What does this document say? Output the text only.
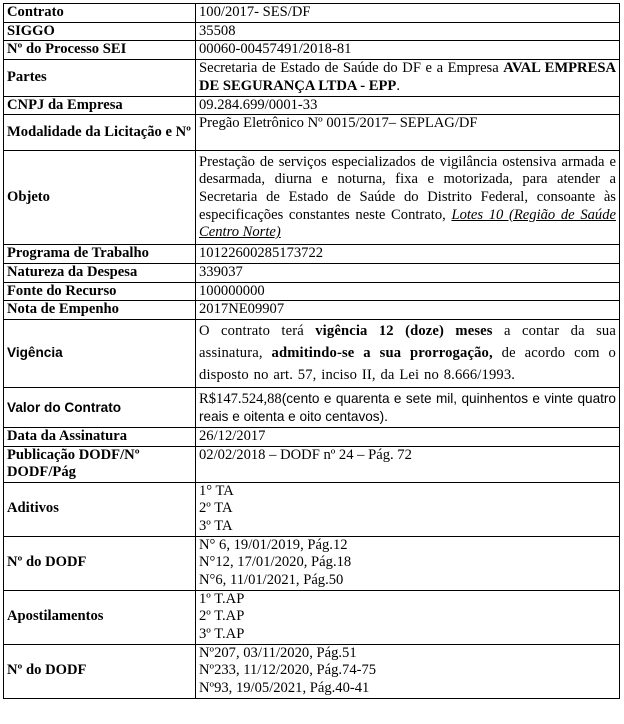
Contrato	100/2017- SES/DF
SIGGO	35508
Nº do Processo SEI	00060-00457491/2018-81
Partes	Secretaria de Estado de Saúde do DF e a Empresa AVAL EMPRESA DE SEGURANÇA LTDA - EPP.
CNPJ da Empresa	09.284.699/0001-33
Modalidade da Licitação e Nº	Pregão Eletrônico Nº 0015/2017– SEPLAG/DF
Objeto	Prestação de serviços especializados de vigilância ostensiva armada e desarmada, diurna e noturna, fixa e motorizada, para atender a Secretaria de Estado de Saúde do Distrito Federal, consoante às especificações constantes neste Contrato, Lotes 10 (Região de Saúde Centro Norte)
Programa de Trabalho	10122600285173722
Natureza da Despesa	339037
Fonte do Recurso	100000000
Nota de Empenho	2017NE09907
Vigência	O contrato terá vigência 12 (doze) meses a contar da sua assinatura, admitindo-se a sua prorrogação, de acordo com o disposto no art. 57, inciso II, da Lei no 8.666/1993.
Valor do Contrato	R$147.524,88(cento e quarenta e sete mil, quinhentos e vinte quatro reais e oitenta e oito centavos).
Data da Assinatura	26/12/2017
Publicação DODF/Nº DODF/Pág	02/02/2018 – DODF nº 24 – Pág. 72
Aditivos	1° TA
2º TA
3º TA

Nº do DODF	N° 6, 19/01/2019, Pág.12
N°12, 17/01/2020, Pág.18
N°6, 11/01/2021, Pág.50

Apostilamentos	1º T.AP
2º T.AP
3º T.AP

Nº do DODF	Nº207, 03/11/2020, Pág.51
Nº233, 11/12/2020, Pág.74-75
Nº93, 19/05/2021, Pág.40-41
